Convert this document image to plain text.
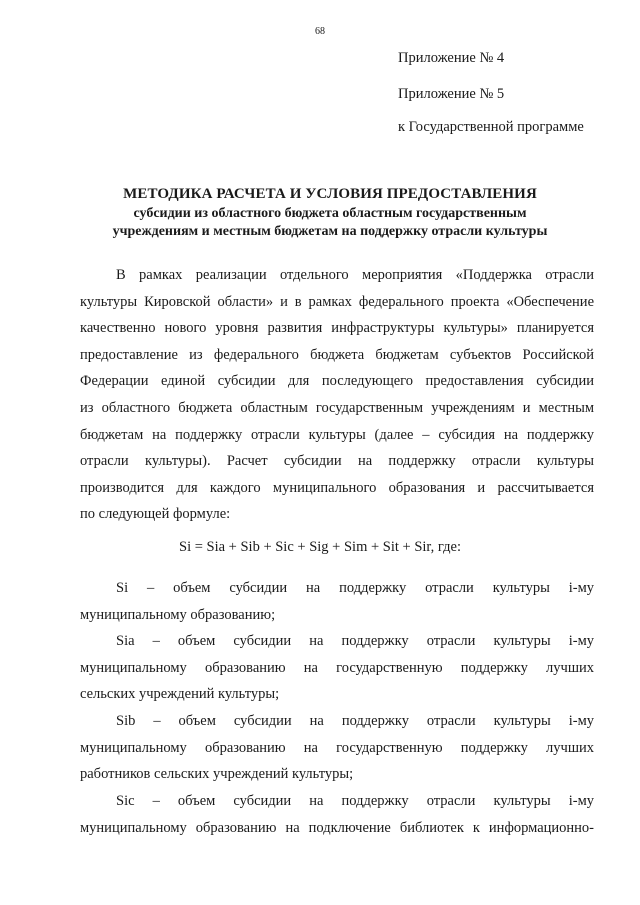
68
Приложение № 4
Приложение № 5
к Государственной программе
МЕТОДИКА РАСЧЕТА И УСЛОВИЯ ПРЕДОСТАВЛЕНИЯ
субсидии из областного бюджета областным государственным
учреждениям и местным бюджетам на поддержку отрасли культуры
В рамках реализации отдельного мероприятия «Поддержка отрасли
культуры Кировской области» и в рамках федерального проекта «Обеспечение
качественно нового уровня развития инфраструктуры культуры» планируется
предоставление из федерального бюджета бюджетам субъектов Российской
Федерации единой субсидии для последующего предоставления субсидии
из областного бюджета областным государственным учреждениям и местным
бюджетам на поддержку отрасли культуры (далее – субсидия на поддержку
отрасли культуры). Расчет субсидии на поддержку отрасли культуры
производится для каждого муниципального образования и рассчитывается
по следующей формуле:
Si = Sia + Sib + Sic + Sig + Sim + Sit + Sir, где:
Si – объем субсидии на поддержку отрасли культуры i-му
муниципальному образованию;
Sia – объем субсидии на поддержку отрасли культуры i-му
муниципальному образованию на государственную поддержку лучших
сельских учреждений культуры;
Sib – объем субсидии на поддержку отрасли культуры i-му
муниципальному образованию на государственную поддержку лучших
работников сельских учреждений культуры;
Sic – объем субсидии на поддержку отрасли культуры i-му
муниципальному образованию на подключение библиотек к информационно-
